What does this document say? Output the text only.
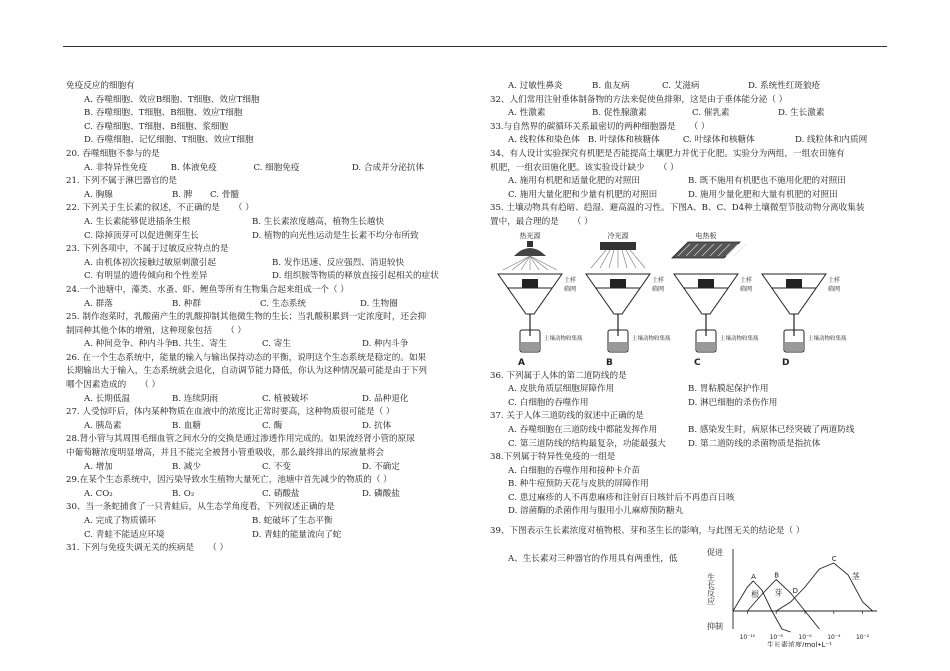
免疫反应的细胞有
A. 吞噬细胞、效应B细胞、T细胞、效应T细胞
B. 吞噬细胞、T细胞、B细胞、效应T细胞
C. 吞噬细胞、T细胞、B细胞、浆细胞
D. 吞噬细胞、记忆细胞、T细胞、效应T细胞
20. 吞噬细胞不参与的是
A. 非特异性免疫	B. 体液免疫	C. 细胞免疫	D. 合成并分泌抗体
21. 下列不属于淋巴器官的是
A. 胸腺	B. 脾	C. 骨髓
22. 下列关于生长素的叙述，不正确的是 （ ）
A. 生长素能够促进插条生根	B. 生长素浓度越高，植物生长越快
C. 除掉顶芽可以促进侧芽生长	D. 植物的向光性运动是生长素不均分布所致
23. 下列各项中，不属于过敏反应特点的是
A. 由机体初次接触过敏原刺激引起	B. 发作迅速、反应强烈、消退较快
C. 有明显的遗传倾向和个性差异	D. 组织胺等物质的释放直接引起相关的症状
24.一个池塘中，藻类、水蚤、虾、鲤鱼等所有生物集合起来组成一个（ ）
A. 群落	B. 种群	C. 生态系统	D. 生物圈
25. 制作泡菜时，乳酸菌产生的乳酸抑制其他微生物的生长；当乳酸积累到一定浓度时，还会抑
制同种其他个体的增殖，这种现象包括 （ ）
A. 种间竞争、种内斗争
B. 共生、寄生	C. 寄生	D. 种内斗争
26. 在一个生态系统中，能量的输入与输出保持动态的平衡，说明这个生态系统是稳定的。如果
长期输出大于输入，生态系统就会退化，自动调节能力降低，你认为这种情况最可能是由于下列
哪个因素造成的 （ ）
A. 长期低温	B. 连续阴雨	C. 植被破坏	D. 品种退化
27. 人受惊吓后，体内某种物质在血液中的浓度比正常时要高，这种物质很可能是（ ）
A. 胰岛素	B. 血糖	C. 酶	D. 抗体
28.肾小管与其周围毛细血管之间水分的交换是通过渗透作用完成的。如果流经肾小管的原尿
中葡萄糖浓度明显增高，并且不能完全被肾小管重吸收，那么最终排出的尿液量将会
A. 增加	B. 减少	C. 不变	D. 不确定
29.在某个生态系统中，因污染导致水生植物大量死亡，池塘中首先减少的物质的（ ）
A. CO₂	B. O₂	C. 硝酸盐	D. 磷酸盐
30、当一条蛇捕食了一只青蛙后，从生态学角度看，下列叙述正确的是
A. 完成了物质循环	B. 蛇破坏了生态平衡
C. 青蛙不能适应环境	D. 青蛙的能量流向了蛇
31. 下列与免疫失调无关的疾病是 （ ）
A. 过敏性鼻炎	B. 血友病	C. 艾滋病	D. 系统性红斑狼疮
32、人们常用注射垂体制备物的方法来促使鱼排卵，这是由于垂体能分泌（ ）
A. 性激素	B. 促性腺激素	C. 催乳素	D. 生长激素
33.与自然界的碳循环关系最密切的两种细胞器是 （ ）
A. 线粒体和染色体 B. 叶绿体和核糖体	C. 叶绿体和核糖体	D. 线粒体和内质网
34、有人设计实验探究有机肥是否能提高土壤肥力并优于化肥。实验分为两组，一组农田施有
机肥，一组农田施化肥。该实验设计缺少 （ ）
A. 施用有机肥和适量化肥的对照田	B. 既不施用有机肥也不施用化肥的对照田
C. 施用大量化肥和少量有机肥的对照田	D. 施用少量化肥和大量有机肥的对照田
35. 土壤动物具有趋暗、趋湿、避高温的习性。下图A、B、C、D4种土壤微型节肢动物分离收集装
置中，最合理的是 （ ）
热光源
土样
筛网
土壤动物收集瓶
A
冷光源
土样
筛网
土壤动物收集瓶
B
电热板
土样
筛网
土壤动物收集瓶
C
土样
筛网
土壤动物收集瓶
D
36. 下列属于人体的第二道防线的是
A. 皮肤角质层细胞屏障作用	B. 胃粘膜起保护作用
C. 白细胞的吞噬作用	D. 淋巴细胞的杀伤作用
37. 关于人体三道防线的叙述中正确的是
A. 吞噬细胞在三道防线中都能发挥作用	B. 感染发生时，病原体已经突破了两道防线
C. 第三道防线的结构最复杂，功能最强大	D. 第二道防线的杀菌物质是指抗体
38.下列属于特异性免疫的一组是
A. 白细胞的吞噬作用和接种卡介苗
B. 种牛痘预防天花与皮肤的屏障作用
C. 患过麻疹的人不再患麻疹和注射百日咳针后不再患百日咳
D. 溶菌酶的杀菌作用与服用小儿麻痹预防糖丸
39、下图表示生长素浓度对植物根、芽和茎生长的影响，与此图无关的结论是（ ）
A、生长素对三种器官的作用具有两重性，低
促进
生长反应
抑制
A
根
B
芽
C
茎
D
10⁻¹⁰ 10⁻⁸	10⁻⁶	10⁻⁴	10⁻²
生长素浓度/mol•L⁻¹
